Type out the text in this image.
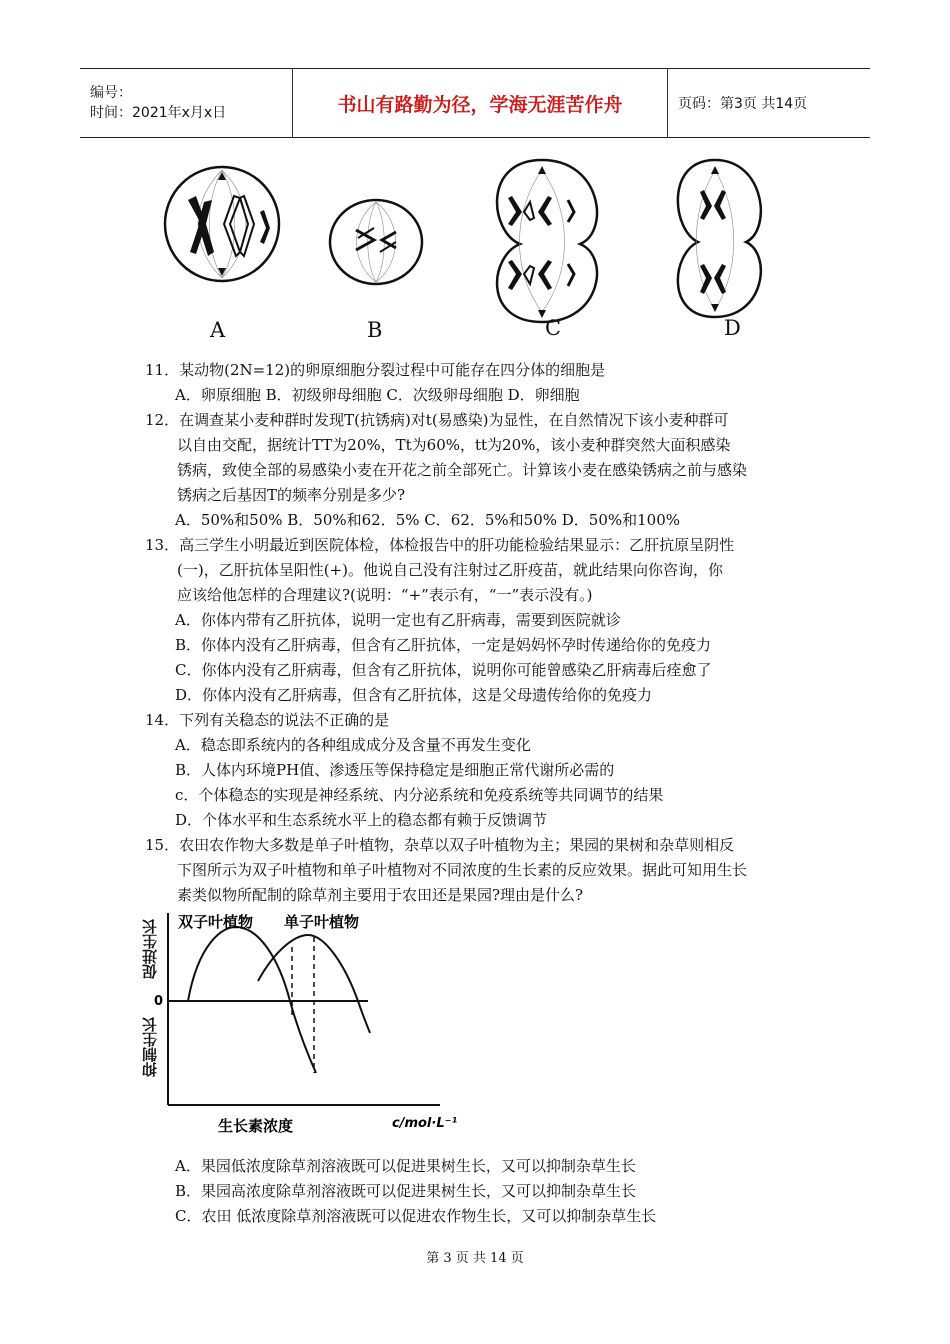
编号：
时间：2021年x月x日	书山有路勤为径，学海无涯苦作舟	页码：第3页 共14页
A	B	C	D
11．某动物(2N=12)的卵原细胞分裂过程中可能存在四分体的细胞是
A．卵原细胞 B．初级卵母细胞 C．次级卵母细胞 D．卵细胞
12．在调查某小麦种群时发现T(抗锈病)对t(易感染)为显性，在自然情况下该小麦种群可
以自由交配，据统计TT为20%，Tt为60%，tt为20%，该小麦种群突然大面积感染
锈病，致使全部的易感染小麦在开花之前全部死亡。计算该小麦在感染锈病之前与感染
锈病之后基因T的频率分别是多少?
A．50%和50% B．50%和62．5% C．62．5%和50% D．50%和100%
13．高三学生小明最近到医院体检，体检报告中的肝功能检验结果显示：乙肝抗原呈阴性
(一)，乙肝抗体呈阳性(+)。他说自己没有注射过乙肝疫苗，就此结果向你咨询，你
应该给他怎样的合理建议?(说明：“+”表示有，“一”表示没有。)
A．你体内带有乙肝抗体，说明一定也有乙肝病毒，需要到医院就诊
B．你体内没有乙肝病毒，但含有乙肝抗体，一定是妈妈怀孕时传递给你的免疫力
C．你体内没有乙肝病毒，但含有乙肝抗体，说明你可能曾感染乙肝病毒后痊愈了
D．你体内没有乙肝病毒，但含有乙肝抗体，这是父母遗传给你的免疫力
14．下列有关稳态的说法不正确的是
A．稳态即系统内的各种组成成分及含量不再发生变化
B．人体内环境PH值、渗透压等保持稳定是细胞正常代谢所必需的
c．个体稳态的实现是神经系统、内分泌系统和免疫系统等共同调节的结果
D．个体水平和生态系统水平上的稳态都有赖于反馈调节
15．农田农作物大多数是单子叶植物，杂草以双子叶植物为主；果园的果树和杂草则相反
下图所示为双子叶植物和单子叶植物对不同浓度的生长素的反应效果。据此可知用生长
素类似物所配制的除草剂主要用于农田还是果园?理由是什么?
双子叶植物 单子叶植物
0
生长素浓度	c/mol·L⁻¹
促进生长
抑制生长
A．果园低浓度除草剂溶液既可以促进果树生长，又可以抑制杂草生长
B．果园高浓度除草剂溶液既可以促进果树生长，又可以抑制杂草生长
C．农田 低浓度除草剂溶液既可以促进农作物生长，又可以抑制杂草生长
第 3 页 共 14 页
